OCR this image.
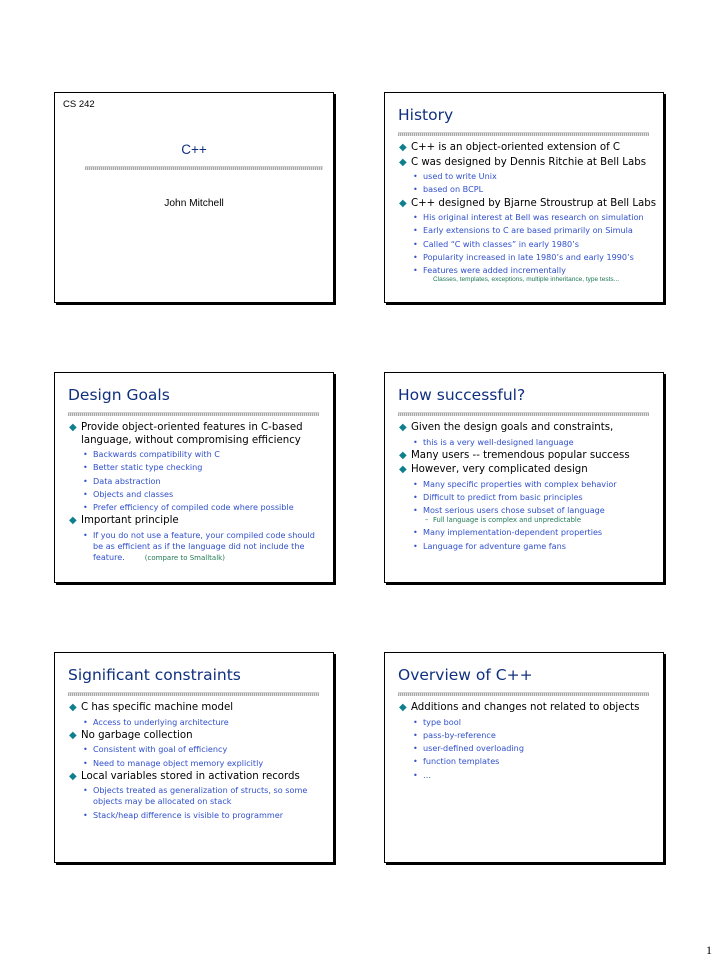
CS 242
C++
John Mitchell
History
◆ C++ is an object-oriented extension of C
◆ C was designed by Dennis Ritchie at Bell Labs
• used to write Unix
• based on BCPL
◆ C++ designed by Bjarne Stroustrup at Bell Labs
• His original interest at Bell was research on simulation
• Early extensions to C are based primarily on Simula
• Called “C with classes” in early 1980’s
• Popularity increased in late 1980’s and early 1990’s
• Features were added incrementally
Classes, templates, exceptions, multiple inheritance, type tests...
Design Goals
◆ Provide object-oriented features in C-based language, without compromising efficiency
• Backwards compatibility with C
• Better static type checking
• Data abstraction
• Objects and classes
• Prefer efficiency of compiled code where possible
◆ Important principle
• If you do not use a feature, your compiled code should be as efficient as if the language did not include the feature.	(compare to Smalltalk)
How successful?
◆ Given the design goals and constraints,
• this is a very well-designed language
◆ Many users -- tremendous popular success
◆ However, very complicated design
• Many specific properties with complex behavior
• Difficult to predict from basic principles
• Most serious users chose subset of language
– Full language is complex and unpredictable
• Many implementation-dependent properties
• Language for adventure game fans
Significant constraints
◆ C has specific machine model
• Access to underlying architecture
◆ No garbage collection
• Consistent with goal of efficiency
• Need to manage object memory explicitly
◆ Local variables stored in activation records
• Objects treated as generalization of structs, so some objects may be allocated on stack
• Stack/heap difference is visible to programmer
Overview of C++
◆ Additions and changes not related to objects
• type bool
• pass-by-reference
• user-defined overloading
• function templates
• …
1
